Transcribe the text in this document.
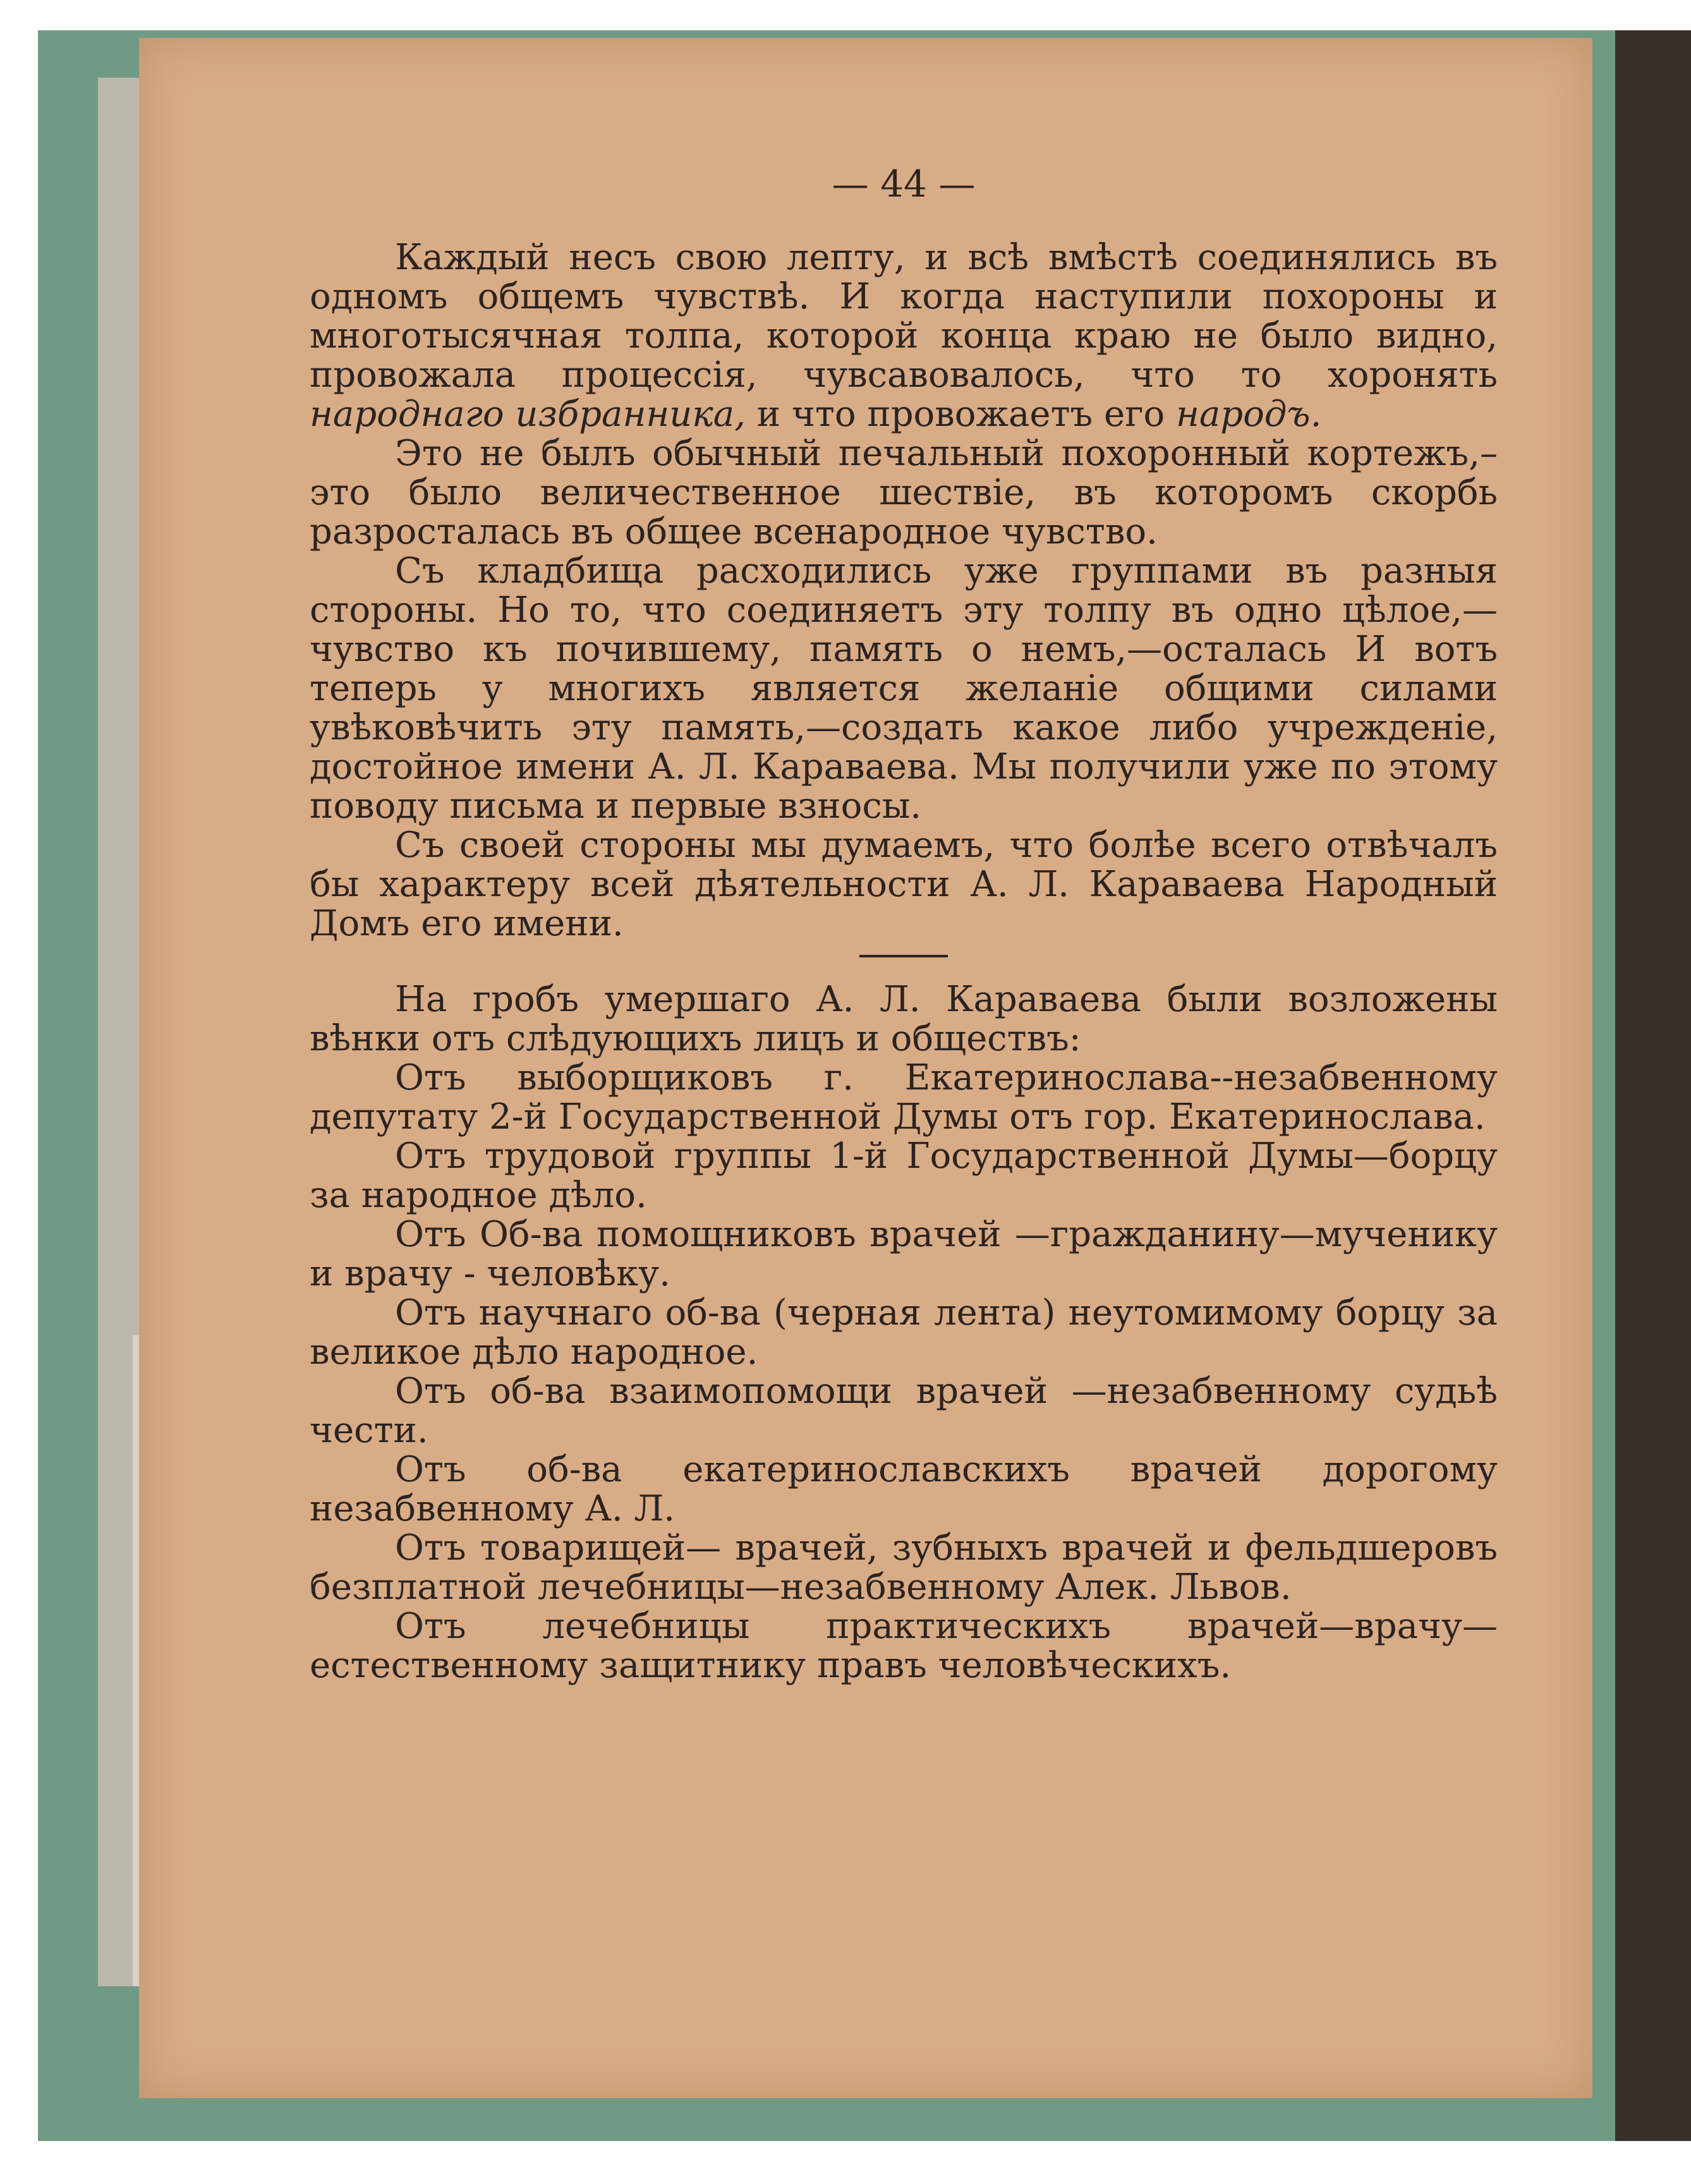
— 44 —

Каждый несъ свою лепту, и всѣ вмѣстѣ соединялись въ одномъ общемъ чувствѣ. И когда наступили похороны и многотысячная толпа, которой конца краю не было видно, провожала процессія, чувсавовалось, что то хоронять народнаго избранника, и что провожаетъ его народъ.

Это не былъ обычный печальный похоронный кортежъ,– это было величественное шествіе, въ которомъ скорбь разросталась въ общее всенародное чувство.

Съ кладбища расходились уже группами въ разныя стороны. Но то, что соединяетъ эту толпу въ одно цѣлое,—чувство къ почившему, память о немъ,—осталась И вотъ теперь у многихъ является желаніе общими силами увѣковѣчить эту память,—создать какое либо учрежденіе, достойное имени А. Л. Караваева. Мы получили уже по этому поводу письма и первые взносы.

Съ своей стороны мы думаемъ, что болѣе всего отвѣчалъ бы характеру всей дѣятельности А. Л. Караваева Народный Домъ его имени.

На гробъ умершаго А. Л. Караваева были возложены вѣнки отъ слѣдующихъ лицъ и обществъ:

Отъ выборщиковъ г. Екатеринослава--незабвенному депутату 2-й Государственной Думы отъ гор. Екатеринослава.

Отъ трудовой группы 1-й Государственной Думы—борцу за народное дѣло.

Отъ Об-ва помощниковъ врачей —гражданину—мученику и врачу - человѣку.

Отъ научнаго об-ва (черная лента) неутомимому борцу за великое дѣло народное.

Отъ об-ва взаимопомощи врачей —незабвенному судьѣ чести.

Отъ об-ва екатеринославскихъ врачей дорогому незабвенному А. Л.

Отъ товарищей— врачей, зубныхъ врачей и фельдшеровъ безплатной лечебницы—незабвенному Алек. Львов.

Отъ лечебницы практическихъ врачей—врачу—естественному защитнику правъ человѣческихъ.
